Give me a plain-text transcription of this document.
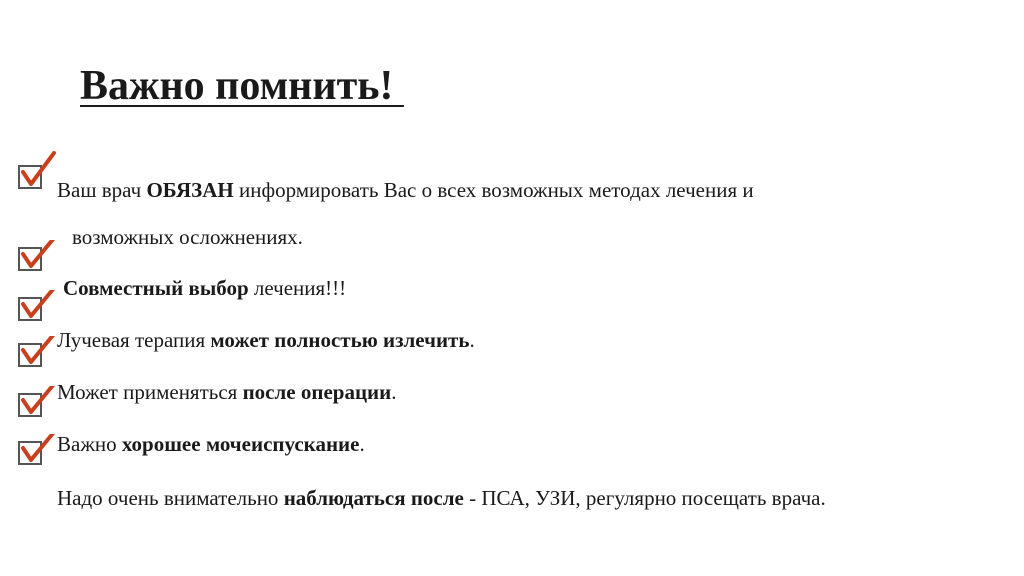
Важно помнить!
Ваш врач ОБЯЗАН информировать Вас о всех возможных методах лечения и
возможных осложнениях.
Совместный выбор лечения!!!
Лучевая терапия может полностью излечить.
Может применяться после операции.
Важно хорошее мочеиспускание.
Надо очень внимательно наблюдаться после - ПСА, УЗИ, регулярно посещать врача.
